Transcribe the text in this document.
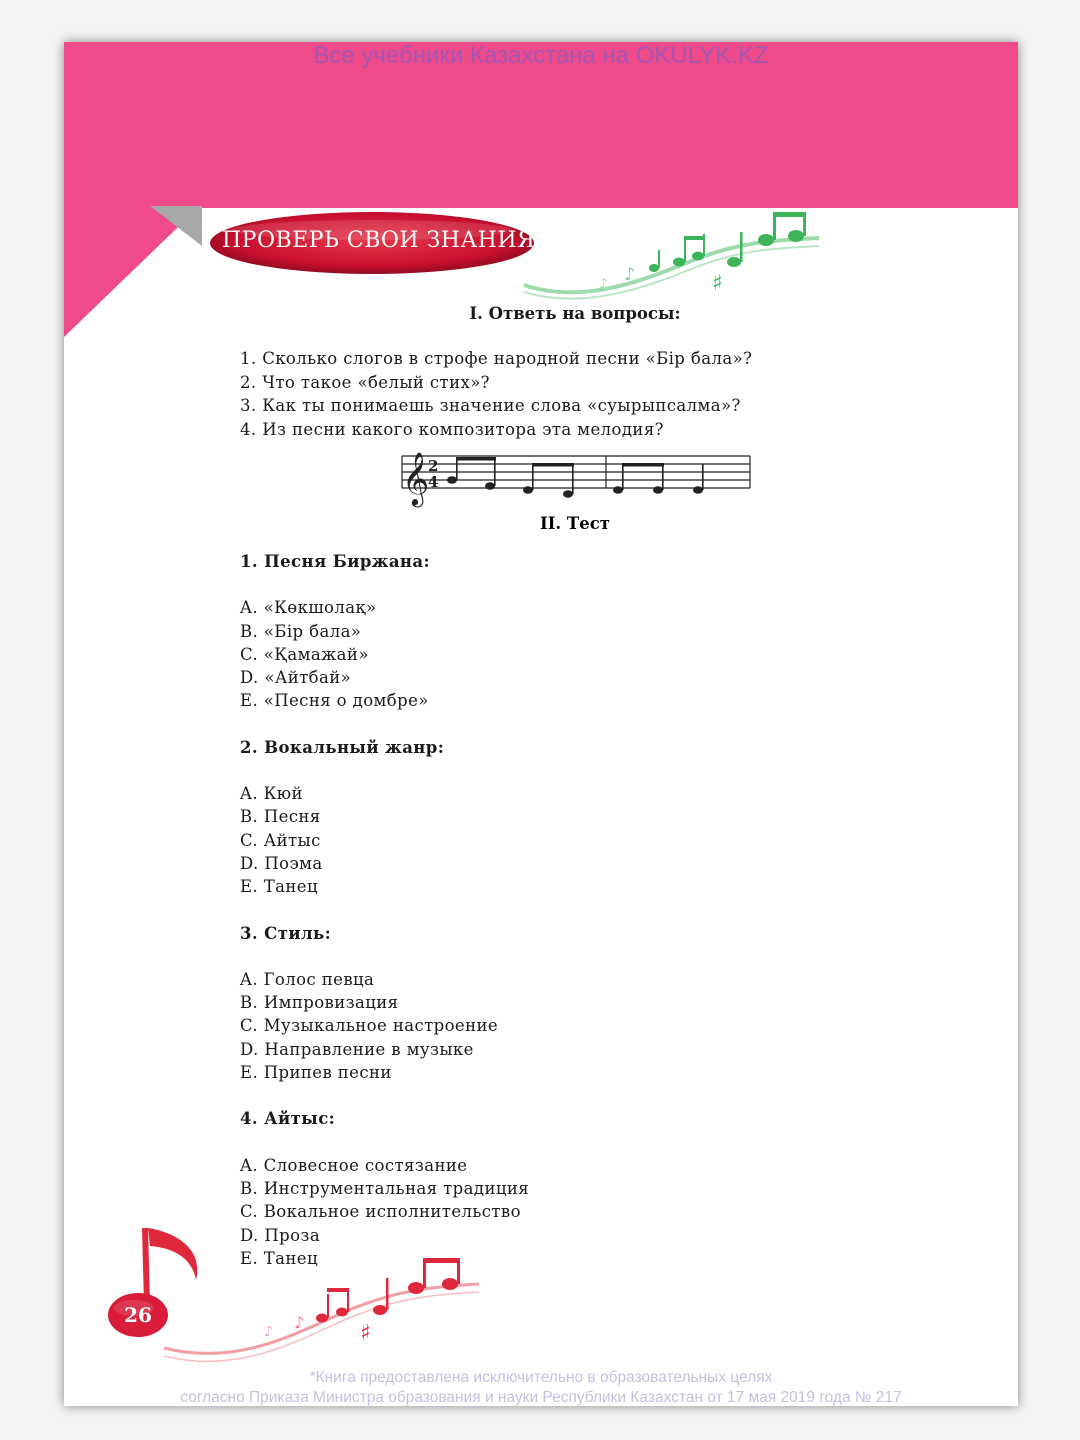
Все учебники Казахстана на OKULYK.KZ
ПРОВЕРЬ СВОИ ЗНАНИЯ
♯
♪
♪

I. Ответь на вопросы:

1. Сколько слогов в строфе народной песни «Бір бала»?
2. Что такое «белый стих»?
3. Как ты понимаешь значение слова «суырыпсалма»?
4. Из песни какого композитора эта мелодия?
𝄞
2
4
II. Тест

1. Песня Биржана:

A. «Көкшолақ»

B. «Бір бала»

C. «Қамажай»

D. «Айтбай»

E. «Песня о домбре»

2. Вокальный жанр:

A. Кюй

B. Песня

C. Айтыс

D. Поэма

E. Танец

3. Стиль:

A. Голос певца

B. Импровизация

C. Музыкальное настроение

D. Направление в музыке

E. Припев песни

4. Айтыс:

A. Словесное состязание

B. Инструментальная традиция

C. Вокальное исполнительство

D. Проза

E. Танец

♯
♪
♪
26
*Книга предоставлена исключительно в образовательных целях
согласно Приказа Министра образования и науки Республики Казахстан от 17 мая 2019 года № 217
